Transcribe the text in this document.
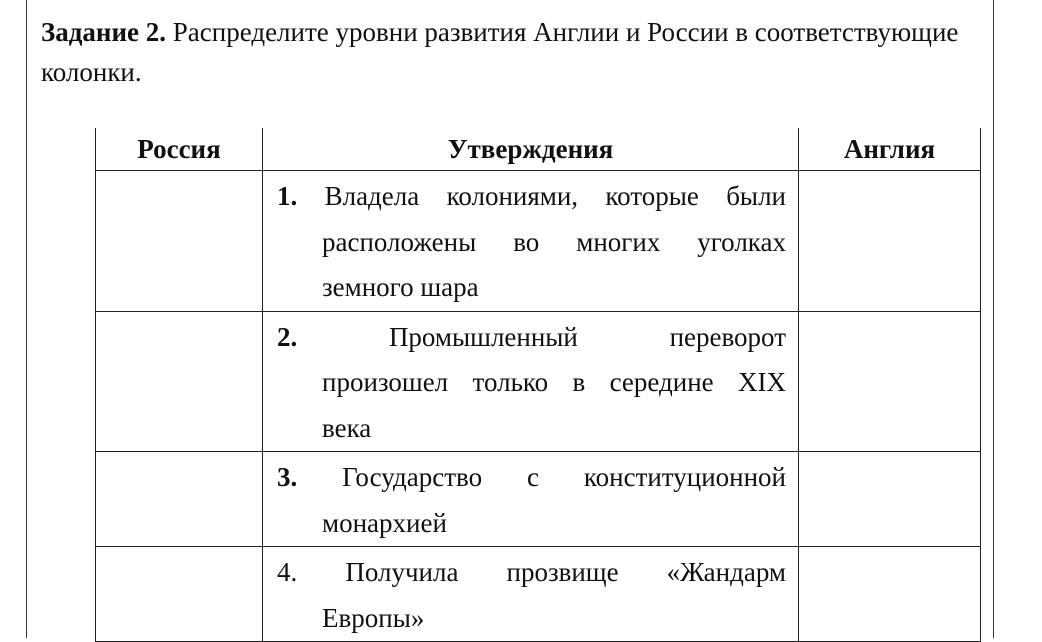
Задание 2. Распределите уровни развития Англии и России в соответствующие колонки.

Россия	Утверждения	Англия

	1. Владела колониями, которые были
расположены во многих уголках
земного шара	

	2. Промышленный переворот
произошел только в середине XIX
века	

	3. Государство с конституционной
монархией	

	4. Получила прозвище «Жандарм
Европы»	
